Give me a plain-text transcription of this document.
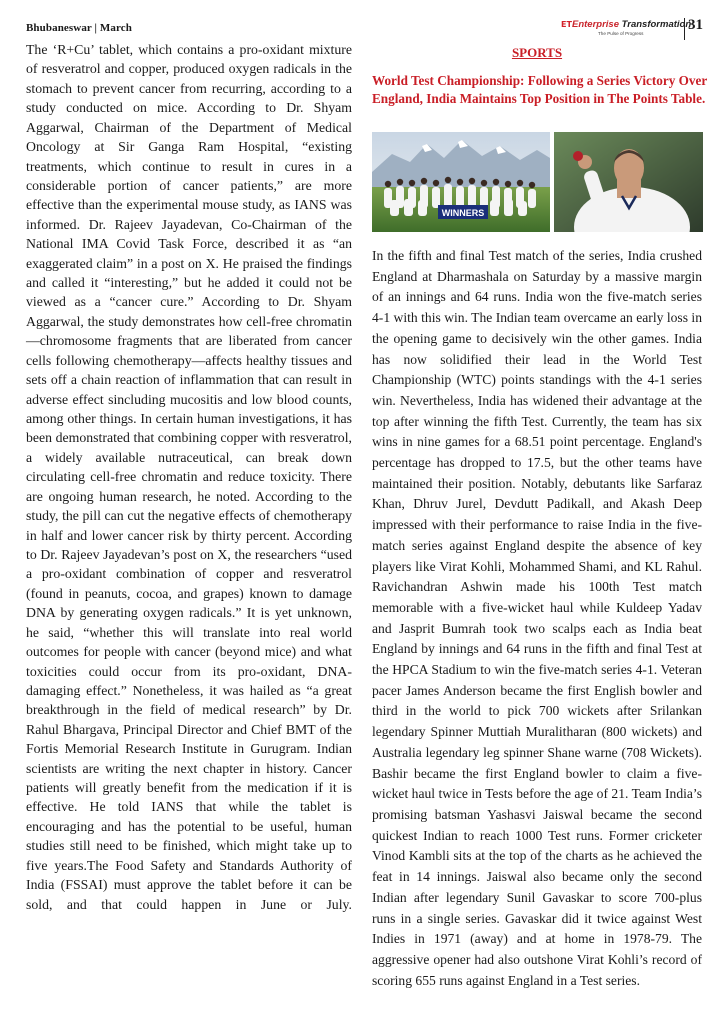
Bhubaneswar | March	ET Enterprise Transformation
The Pulse of Progress
31

The ‘R+Cu’ tablet, which contains a pro-oxidant mixture of resveratrol and copper, produced oxygen radicals in the stomach to prevent cancer from recurring, according to a study conducted on mice. According to Dr. Shyam Aggarwal, Chairman of the Department of Medical Oncology at Sir Ganga Ram Hospital, “existing treatments, which continue to result in cures in a considerable portion of cancer patients,” are more effective than the experimental mouse study, as IANS was informed. Dr. Rajeev Jayadevan, Co-Chairman of the National IMA Covid Task Force, described it as “an exaggerated claim” in a post on X. He praised the findings and called it “interesting,” but he added it could not be viewed as a “cancer cure.” According to Dr. Shyam Aggarwal, the study demonstrates how cell-free chromatin—chromosome fragments that are liberated from cancer cells following chemotherapy—affects healthy tissues and sets off a chain reaction of inflammation that can result in adverse effect sincluding mucositis and low blood counts, among other things. In certain human investigations, it has been demonstrated that combining copper with resveratrol, a widely available nutraceutical, can break down circulating cell-free chromatin and reduce toxicity. There are ongoing human research, he noted. According to the study, the pill can cut the negative effects of chemotherapy in half and lower cancer risk by thirty percent. According to Dr. Rajeev Jayadevan’s post on X, the researchers “used a pro-oxidant combination of copper and resveratrol (found in peanuts, cocoa, and grapes) known to damage DNA by generating oxygen radicals.” It is yet unknown, he said, “whether this will translate into real world outcomes for people with cancer (beyond mice) and what toxicities could occur from its pro-oxidant, DNA-damaging effect.” Nonetheless, it was hailed as “a great breakthrough in the field of medical research” by Dr. Rahul Bhargava, Principal Director and Chief BMT of the Fortis Memorial Research Institute in Gurugram. Indian scientists are writing the next chapter in history. Cancer patients will greatly benefit from the medication if it is effective. He told IANS that while the tablet is encouraging and has the potential to be useful, human studies still need to be finished, which might take up to five years.The Food Safety and Standards Authority of India (FSSAI) must approve the tablet before it can be sold, and that could happen in June or July.

SPORTS

World Test Championship: Following a Series Victory Over England, India Maintains Top Position in The Points Table.

WINNERS

In the fifth and final Test match of the series, India crushed England at Dharmashala on Saturday by a massive margin of an innings and 64 runs. India won the five-match series 4-1 with this win. The Indian team overcame an early loss in the opening game to decisively win the other games. India has now solidified their lead in the World Test Championship (WTC) points standings with the 4-1 series win. Nevertheless, India has widened their advantage at the top after winning the fifth Test. Currently, the team has six wins in nine games for a 68.51 point percentage. England's percentage has dropped to 17.5, but the other teams have maintained their position. Notably, debutants like Sarfaraz Khan, Dhruv Jurel, Devdutt Padikall, and Akash Deep impressed with their performance to raise India in the five-match series against England despite the absence of key players like Virat Kohli, Mohammed Shami, and KL Rahul. Ravichandran Ashwin made his 100th Test match memorable with a five-wicket haul while Kuldeep Yadav and Jasprit Bumrah took two scalps each as India beat England by innings and 64 runs in the fifth and final Test at the HPCA Stadium to win the five-match series 4-1. Veteran pacer James Anderson became the first English bowler and third in the world to pick 700 wickets after Srilankan legendary Spinner Muttiah Muralitharan (800 wickets) and Australia legendary leg spinner Shane warne (708 Wickets). Bashir became the first England bowler to claim a five-wicket haul twice in Tests before the age of 21. Team India’s promising batsman Yashasvi Jaiswal became the second quickest Indian to reach 1000 Test runs. Former cricketer Vinod Kambli sits at the top of the charts as he achieved the feat in 14 innings. Jaiswal also became only the second Indian after legendary Sunil Gavaskar to score 700-plus runs in a single series. Gavaskar did it twice against West Indies in 1971 (away) and at home in 1978-79. The aggressive opener had also outshone Virat Kohli’s record of scoring 655 runs against England in a Test series.
